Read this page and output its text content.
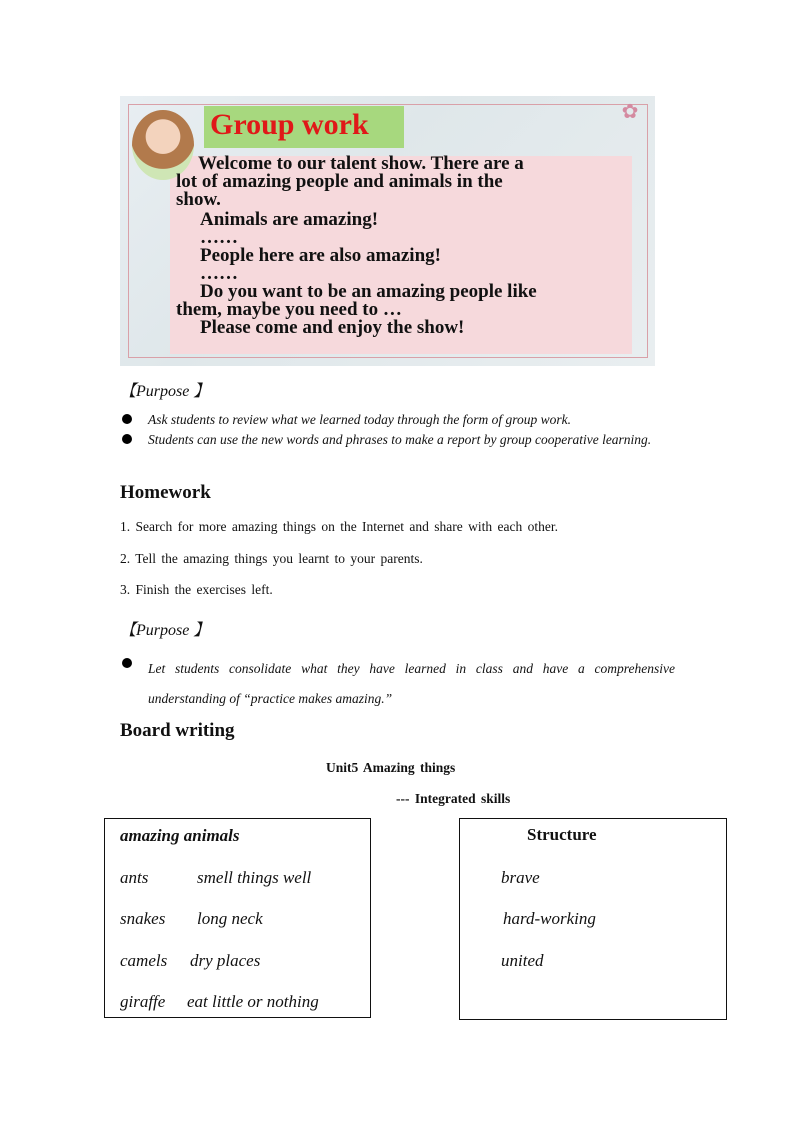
Group work	✿
Welcome to our talent show. There are a
lot of amazing people and animals in the
show.
Animals are amazing!
……
People here are also amazing!
……
Do you want to be an amazing people like
them, maybe you need to …
Please come and enjoy the show!
【Purpose 】
Ask students to review what we learned today through the form of group work.
Students can use the new words and phrases to make a report by group cooperative learning.
Homework
1. Search for more amazing things on the Internet and share with each other.
2. Tell the amazing things you learnt to your parents.
3. Finish the exercises left.
【Purpose 】
Let students consolidate what they have learned in class and have a comprehensive understanding of “practice makes amazing.”
Board writing
Unit5 Amazing things
--- Integrated skills
amazing animals
ants	smell things well
snakes long neck
camels dry places
giraffe eat little or nothing
Structure
brave
hard-working
united
